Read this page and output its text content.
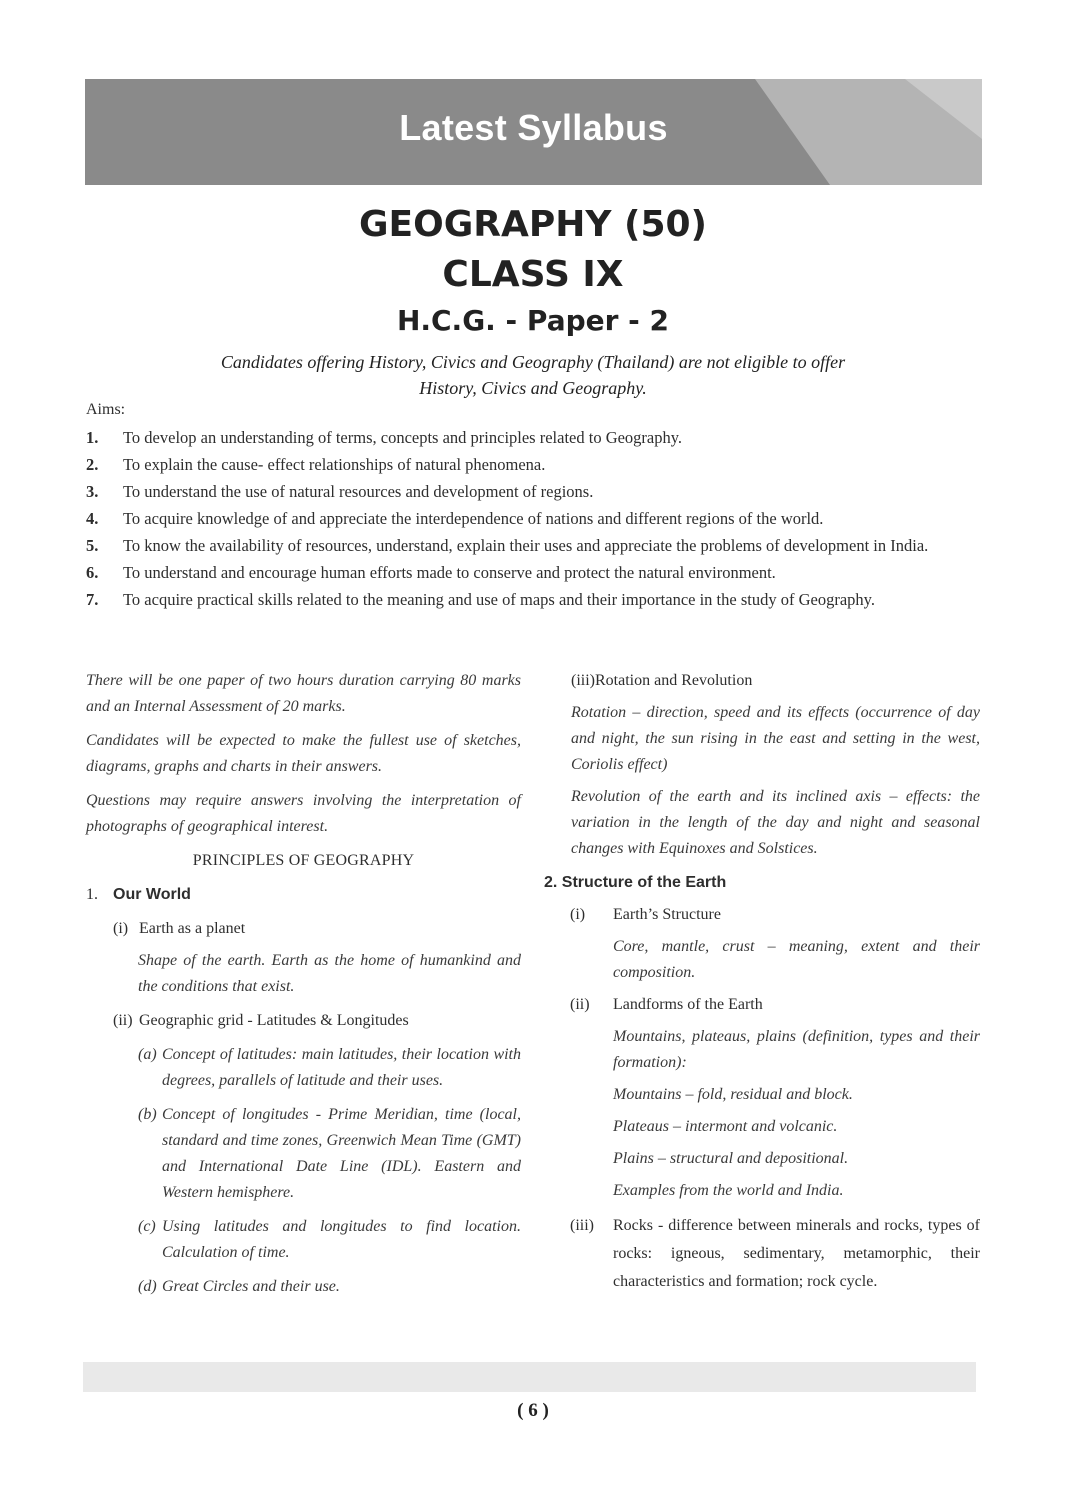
Latest Syllabus
GEOGRAPHY (50)
CLASS IX
H.C.G. - Paper - 2
Candidates offering History, Civics and Geography (Thailand) are not eligible to offer
History, Civics and Geography.
Aims:
1.	To develop an understanding of terms, concepts and principles related to Geography.
2.	To explain the cause- effect relationships of natural phenomena.
3.	To understand the use of natural resources and development of regions.
4.	To acquire knowledge of and appreciate the interdependence of nations and different regions of the world.
5.	To know the availability of resources, understand, explain their uses and appreciate the problems of development in India.
6.	To understand and encourage human efforts made to conserve and protect the natural environment.
7.	To acquire practical skills related to the meaning and use of maps and their importance in the study of Geography.

There will be one paper of two hours duration carrying 80 marks and an Internal Assessment of 20 marks.

Candidates will be expected to make the fullest use of sketches, diagrams, graphs and charts in their answers.

Questions may require answers involving the interpretation of photographs of geographical interest.

PRINCIPLES OF GEOGRAPHY

1. Our World
(i) Earth as a planet

Shape of the earth. Earth as the home of humankind and the conditions that exist.

(ii) Geographic grid - Latitudes & Longitudes
(a) Concept of latitudes: main latitudes, their location with degrees, parallels of latitude and their uses.
(b) Concept of longitudes - Prime Meridian, time (local, standard and time zones, Greenwich Mean Time (GMT) and International Date Line (IDL). Eastern and Western hemisphere.
(c) Using latitudes and longitudes to find location. Calculation of time.
(d) Great Circles and their use.

(iii)Rotation and Revolution

Rotation – direction, speed and its effects (occurrence of day and night, the sun rising in the east and setting in the west, Coriolis effect)

Revolution of the earth and its inclined axis – effects: the variation in the length of the day and night and seasonal changes with Equinoxes and Solstices.

2. Structure of the Earth

(i)	Earth’s Structure

Core, mantle, crust – meaning, extent and their composition.

(ii)	Landforms of the Earth

Mountains, plateaus, plains (definition, types and their formation):

Mountains – fold, residual and block.

Plateaus – intermont and volcanic.

Plains – structural and depositional.

Examples from the world and India.

(iii)	Rocks - difference between minerals and rocks, types of rocks: igneous, sedimentary, metamorphic, their characteristics and formation; rock cycle.
( 6 )
